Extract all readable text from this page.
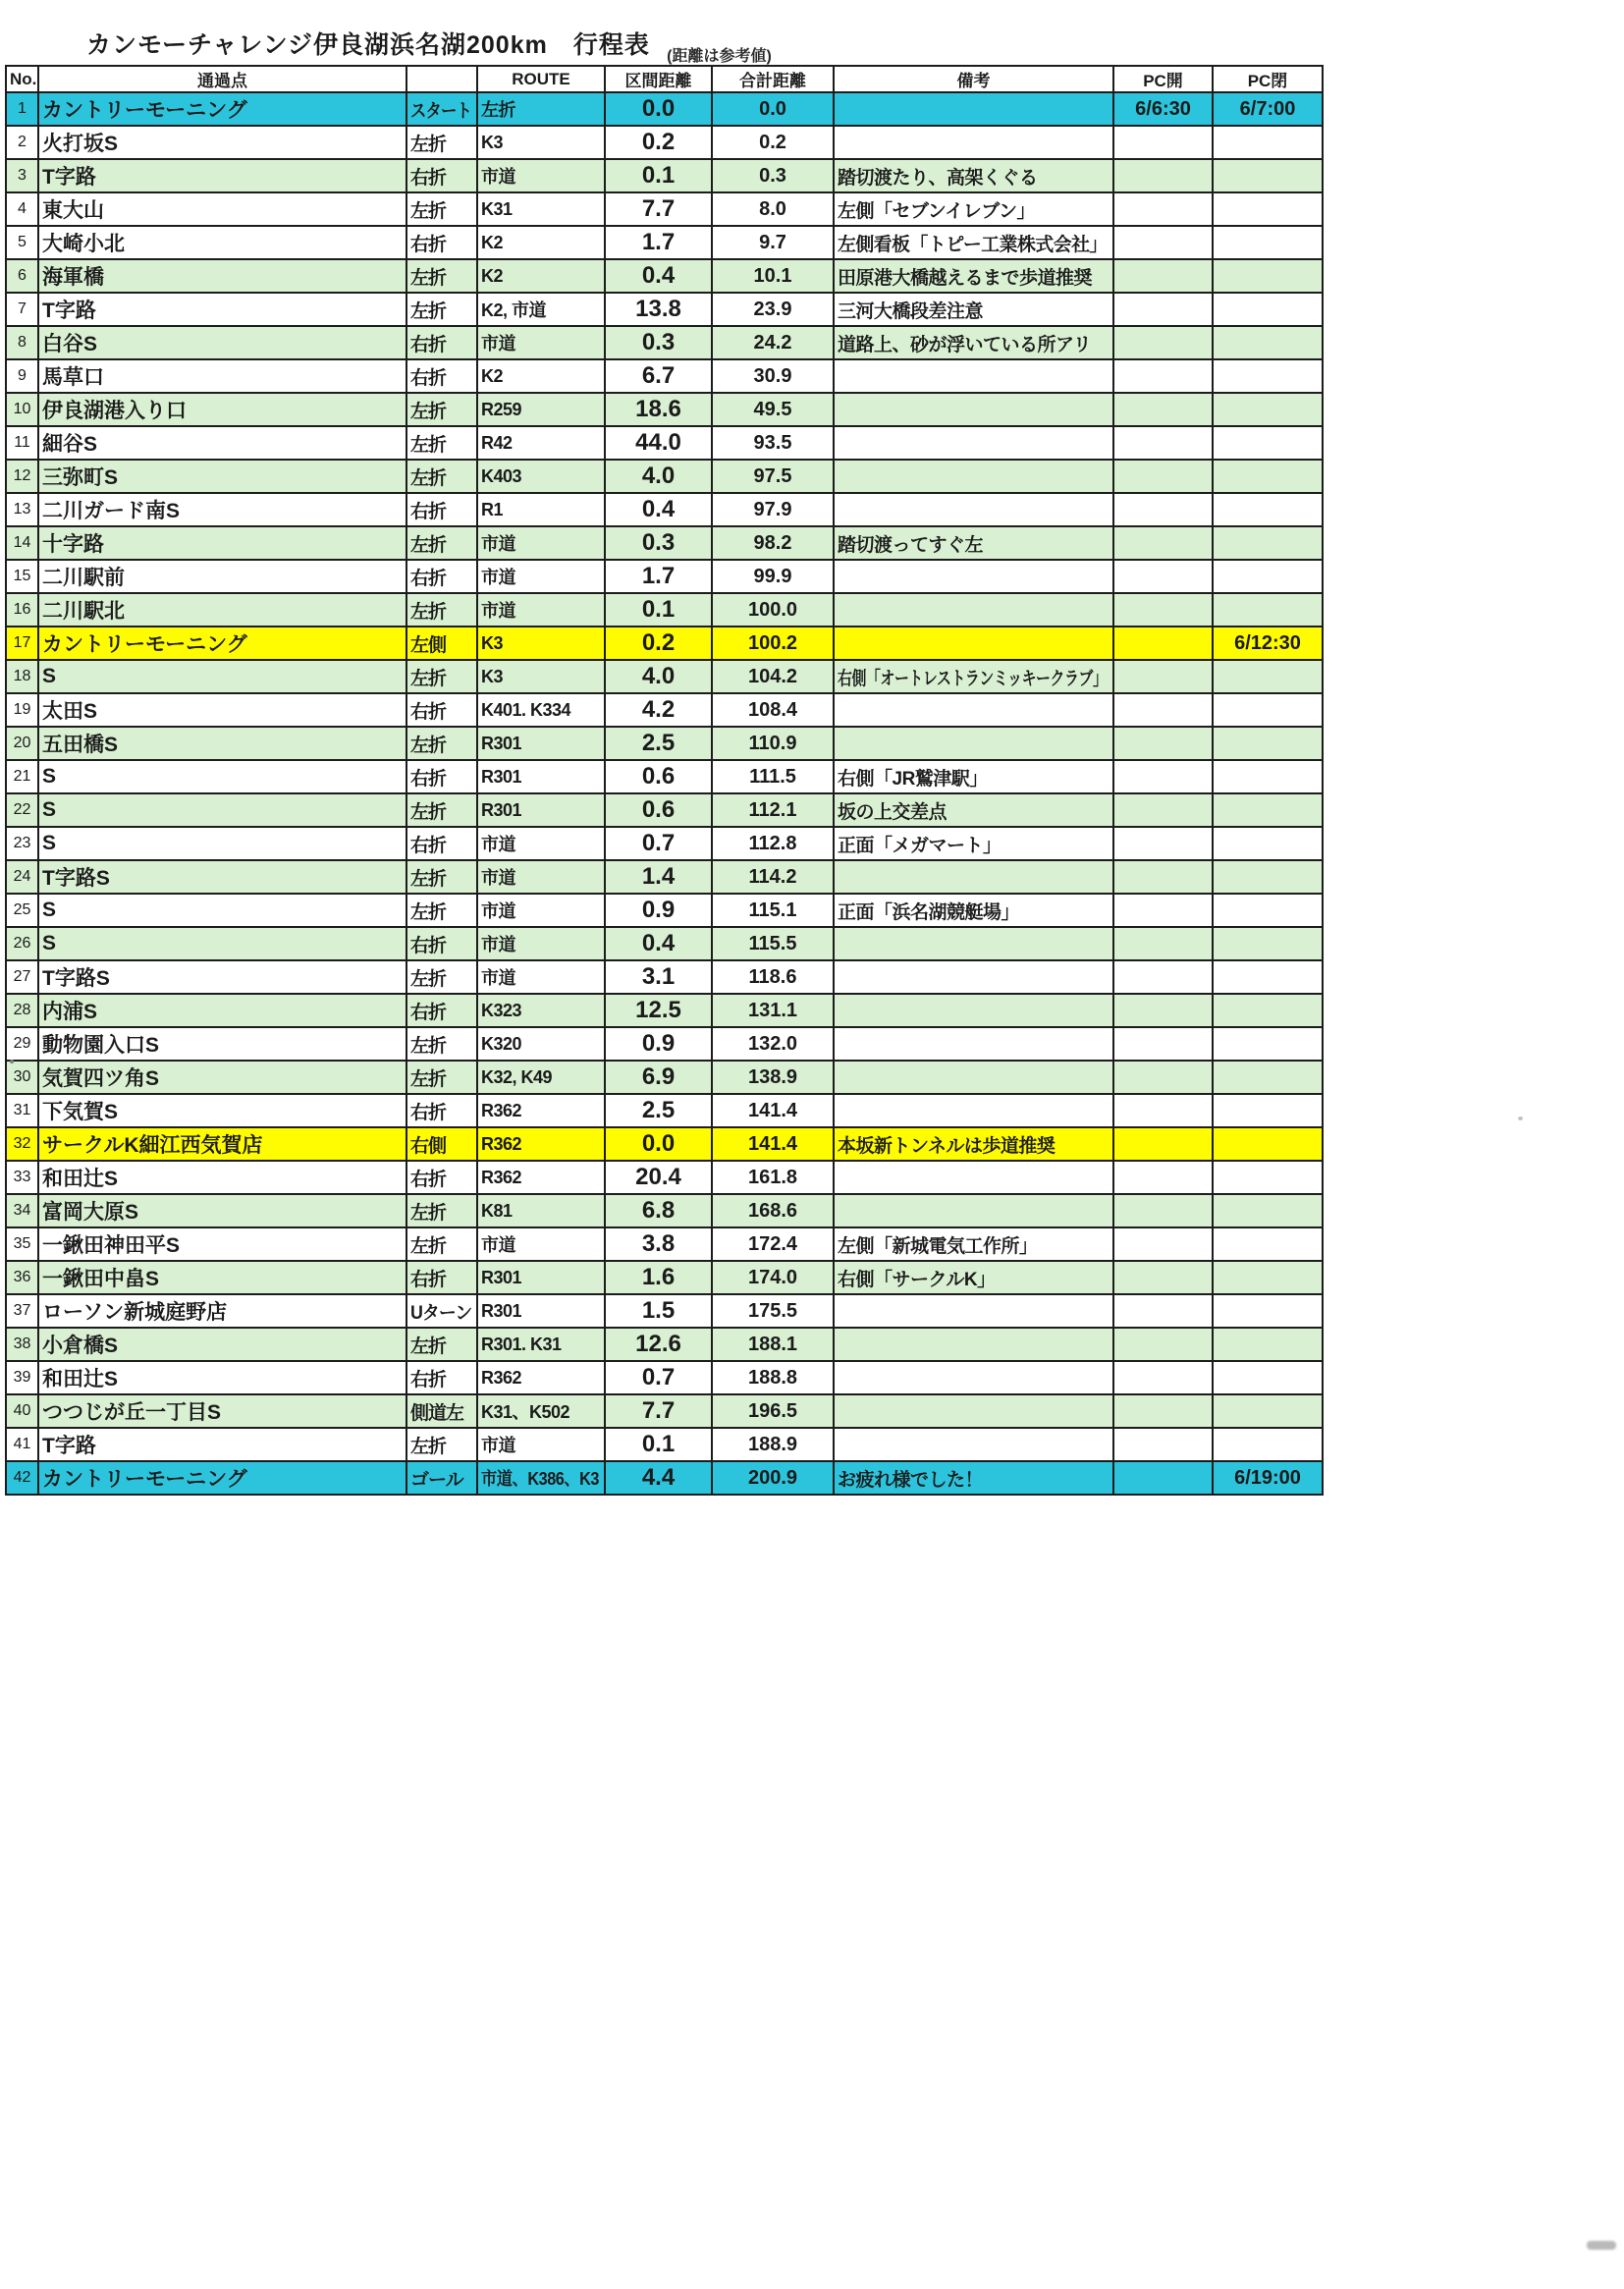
カンモーチャレンジ伊良湖浜名湖200km　行程表	(距離は参考値)
No.	通過点		ROUTE	区間距離	合計距離	備考	PC開	PC閉
1	カントリーモーニング	スタート	左折	0.0	0.0		6/6:30	6/7:00
2	火打坂S	左折	K3	0.2	0.2			
3	T字路	右折	市道	0.1	0.3	踏切渡たり、高架くぐる		
4	東大山	左折	K31	7.7	8.0	左側「セブンイレブン」		
5	大崎小北	右折	K2	1.7	9.7	左側看板「トピー工業株式会社」		
6	海軍橋	左折	K2	0.4	10.1	田原港大橋越えるまで歩道推奨		
7	T字路	左折	K2, 市道	13.8	23.9	三河大橋段差注意		
8	白谷S	右折	市道	0.3	24.2	道路上、砂が浮いている所アリ		
9	馬草口	右折	K2	6.7	30.9			
10	伊良湖港入り口	左折	R259	18.6	49.5			
11	細谷S	左折	R42	44.0	93.5			
12	三弥町S	左折	K403	4.0	97.5			
13	二川ガード南S	右折	R1	0.4	97.9			
14	十字路	左折	市道	0.3	98.2	踏切渡ってすぐ左		
15	二川駅前	右折	市道	1.7	99.9			
16	二川駅北	左折	市道	0.1	100.0			
17	カントリーモーニング	左側	K3	0.2	100.2			6/12:30
18	S	左折	K3	4.0	104.2	右側「オートレストランミッキークラブ」		
19	太田S	右折	K401. K334	4.2	108.4			
20	五田橋S	左折	R301	2.5	110.9			
21	S	右折	R301	0.6	111.5	右側「JR鷲津駅」		
22	S	左折	R301	0.6	112.1	坂の上交差点		
23	S	右折	市道	0.7	112.8	正面「メガマート」		
24	T字路S	左折	市道	1.4	114.2			
25	S	左折	市道	0.9	115.1	正面「浜名湖競艇場」		
26	S	右折	市道	0.4	115.5			
27	T字路S	左折	市道	3.1	118.6			
28	内浦S	右折	K323	12.5	131.1			
29	動物園入口S	左折	K320	0.9	132.0			
30	気賀四ツ角S	左折	K32, K49	6.9	138.9			
31	下気賀S	右折	R362	2.5	141.4			
32	サークルK細江西気賀店	右側	R362	0.0	141.4	本坂新トンネルは歩道推奨		
33	和田辻S	右折	R362	20.4	161.8			
34	富岡大原S	左折	K81	6.8	168.6			
35	一鍬田神田平S	左折	市道	3.8	172.4	左側「新城電気工作所」		
36	一鍬田中畠S	右折	R301	1.6	174.0	右側「サークルK」		
37	ローソン新城庭野店	Uターン	R301	1.5	175.5			
38	小倉橋S	左折	R301. K31	12.6	188.1			
39	和田辻S	右折	R362	0.7	188.8			
40	つつじが丘一丁目S	側道左	K31、K502	7.7	196.5			
41	T字路	左折	市道	0.1	188.9			
42	カントリーモーニング	ゴール	市道、K386、K3	4.4	200.9	お疲れ様でした！		6/19:00
